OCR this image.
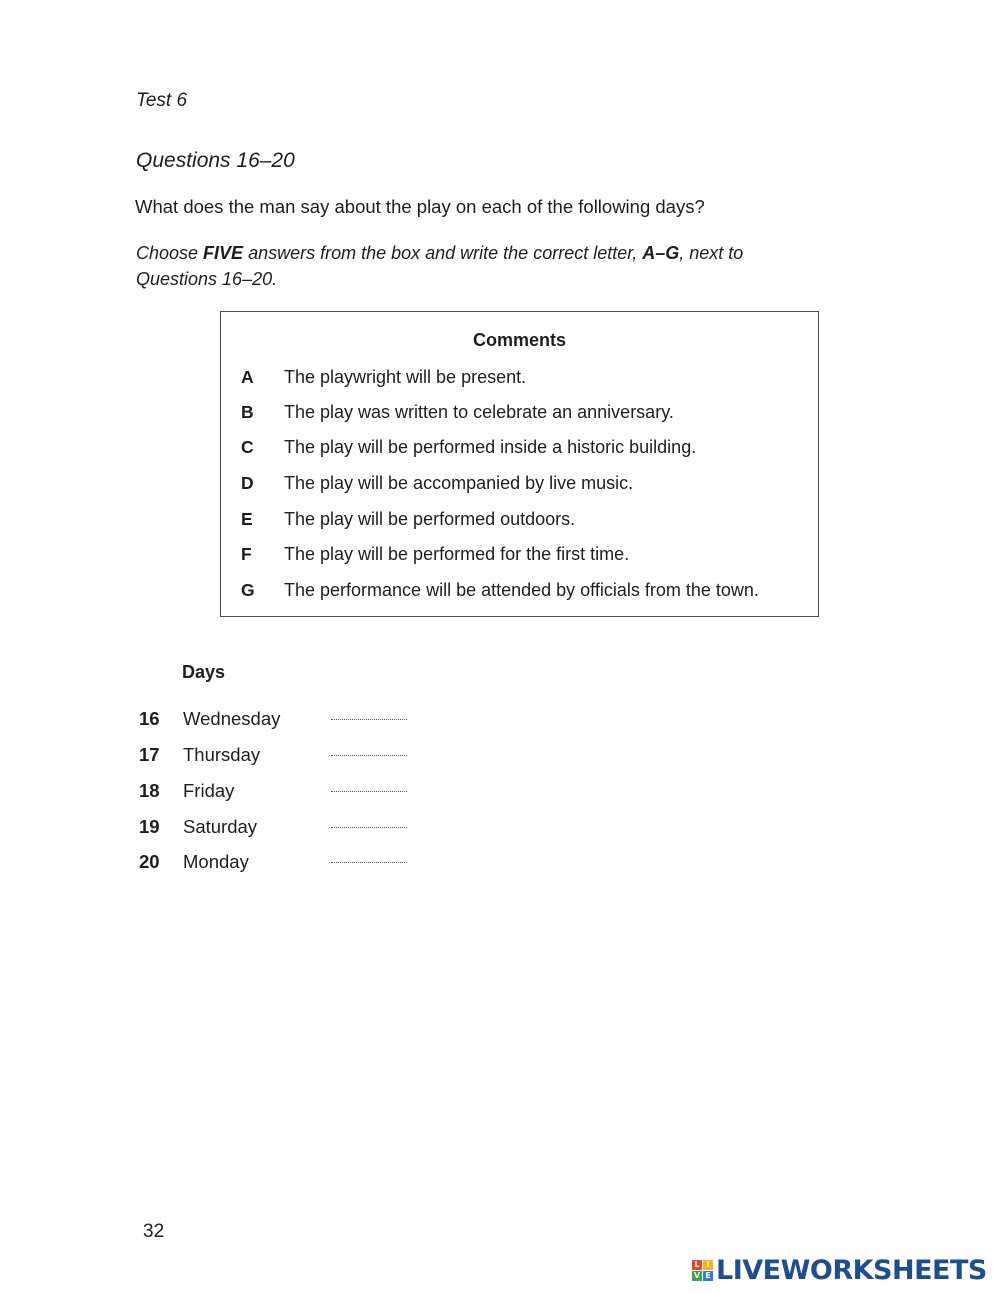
Test 6
Questions 16–20
What does the man say about the play on each of the following days?
Choose FIVE answers from the box and write the correct letter, A–G, next to
Questions 16–20.
Comments
A The playwright will be present.
B The play was written to celebrate an anniversary.
C The play will be performed inside a historic building.
D The play will be accompanied by live music.
E The play will be performed outdoors.
F The play will be performed for the first time.
G The performance will be attended by officials from the town.
Days
16 Wednesday
17 Thursday
18 Friday
19 Saturday
20 Monday
32
L I
V E LIVEWORKSHEETS
